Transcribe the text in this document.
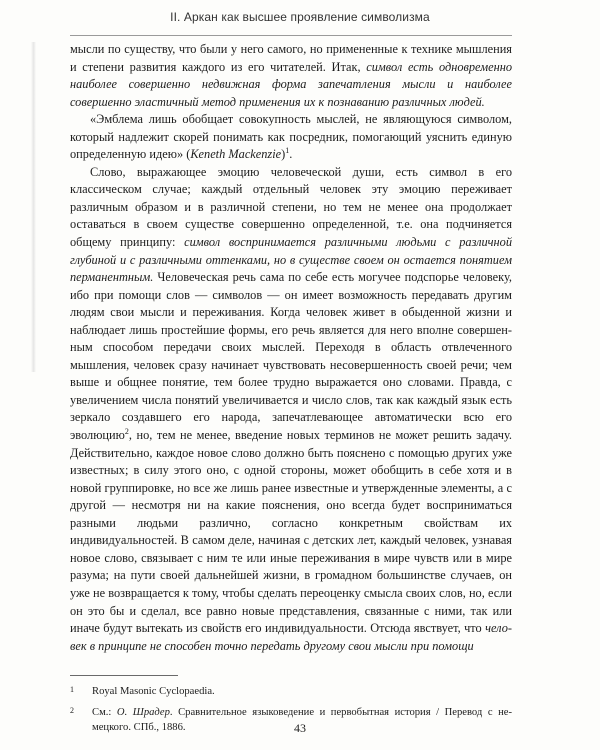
II. Аркан как высшее проявление символизма

мысли по существу, что были у него самого, но примененные к технике мышления и степени развития каждого из его читателей. Итак, символ есть одновременно наиболее совершенно недвижная форма запечатления мысли и наиболее совершенно эластичный метод применения их к познаванию различных людей.

«Эмблема лишь обобщает совокупность мыслей, не являющуюся символом, который надлежит скорей понимать как посредник, помогающий уяснить единую определенную идею» (Keneth Mackenzie)$^1$.

Слово, выражающее эмоцию человеческой души, есть символ в его классическом случае; каждый отдельный человек эту эмоцию переживает различным образом и в различной степени, но тем не менее она продолжает оставаться в своем существе совершенно определенной, т.е. она подчиняется общему принципу: символ воспринимается различными людьми с различной глубиной и с различными оттенками, но в существе своем он остается понятием перманентным. Человеческая речь сама по себе есть могучее подспорье человеку, ибо при помощи слов — символов — он имеет возможность передавать другим людям свои мысли и переживания. Когда человек живет в обыденной жизни и наблюдает лишь простейшие формы, его речь является для него вполне совершенным способом передачи своих мыслей. Переходя в область отвлеченного мышления, человек сразу начинает чувствовать несовершенность своей речи; чем выше и общнее понятие, тем более трудно выражается оно словами. Правда, с увеличением числа понятий увеличивается и число слов, так как каждый язык есть зеркало создавшего его народа, запечатлевающее автоматически всю его эволюцию$^2$, но, тем не менее, введение новых терминов не может решить задачу. Действительно, каждое новое слово должно быть пояснено с помощью других уже известных; в силу этого оно, с одной стороны, может обобщить в себе хотя и в новой группировке, но все же лишь ранее известные и утвержденные элементы, а с другой — несмотря ни на какие пояснения, оно всегда будет восприниматься разными людьми различно, согласно конкретным свойствам их индивидуальностей. В самом деле, начиная с детских лет, каждый человек, узнавая новое слово, связывает с ним те или иные переживания в мире чувств или в мире разума; на пути своей дальнейшей жизни, в громадном большинстве случаев, он уже не возвращается к тому, чтобы сделать переоценку смысла своих слов, но, если он это бы и сделал, все равно новые представления, связанные с ними, так или иначе будут вытекать из свойств его индивидуальности. Отсюда явствует, что человек в принципе не способен точно передать другому свои мысли при помощи

1 Royal Masonic Cyclopaedia.
2 См.: О. Шрадер. Сравнительное языковедение и первобытная история / Перевод с немецкого. СПб., 1886.	43
